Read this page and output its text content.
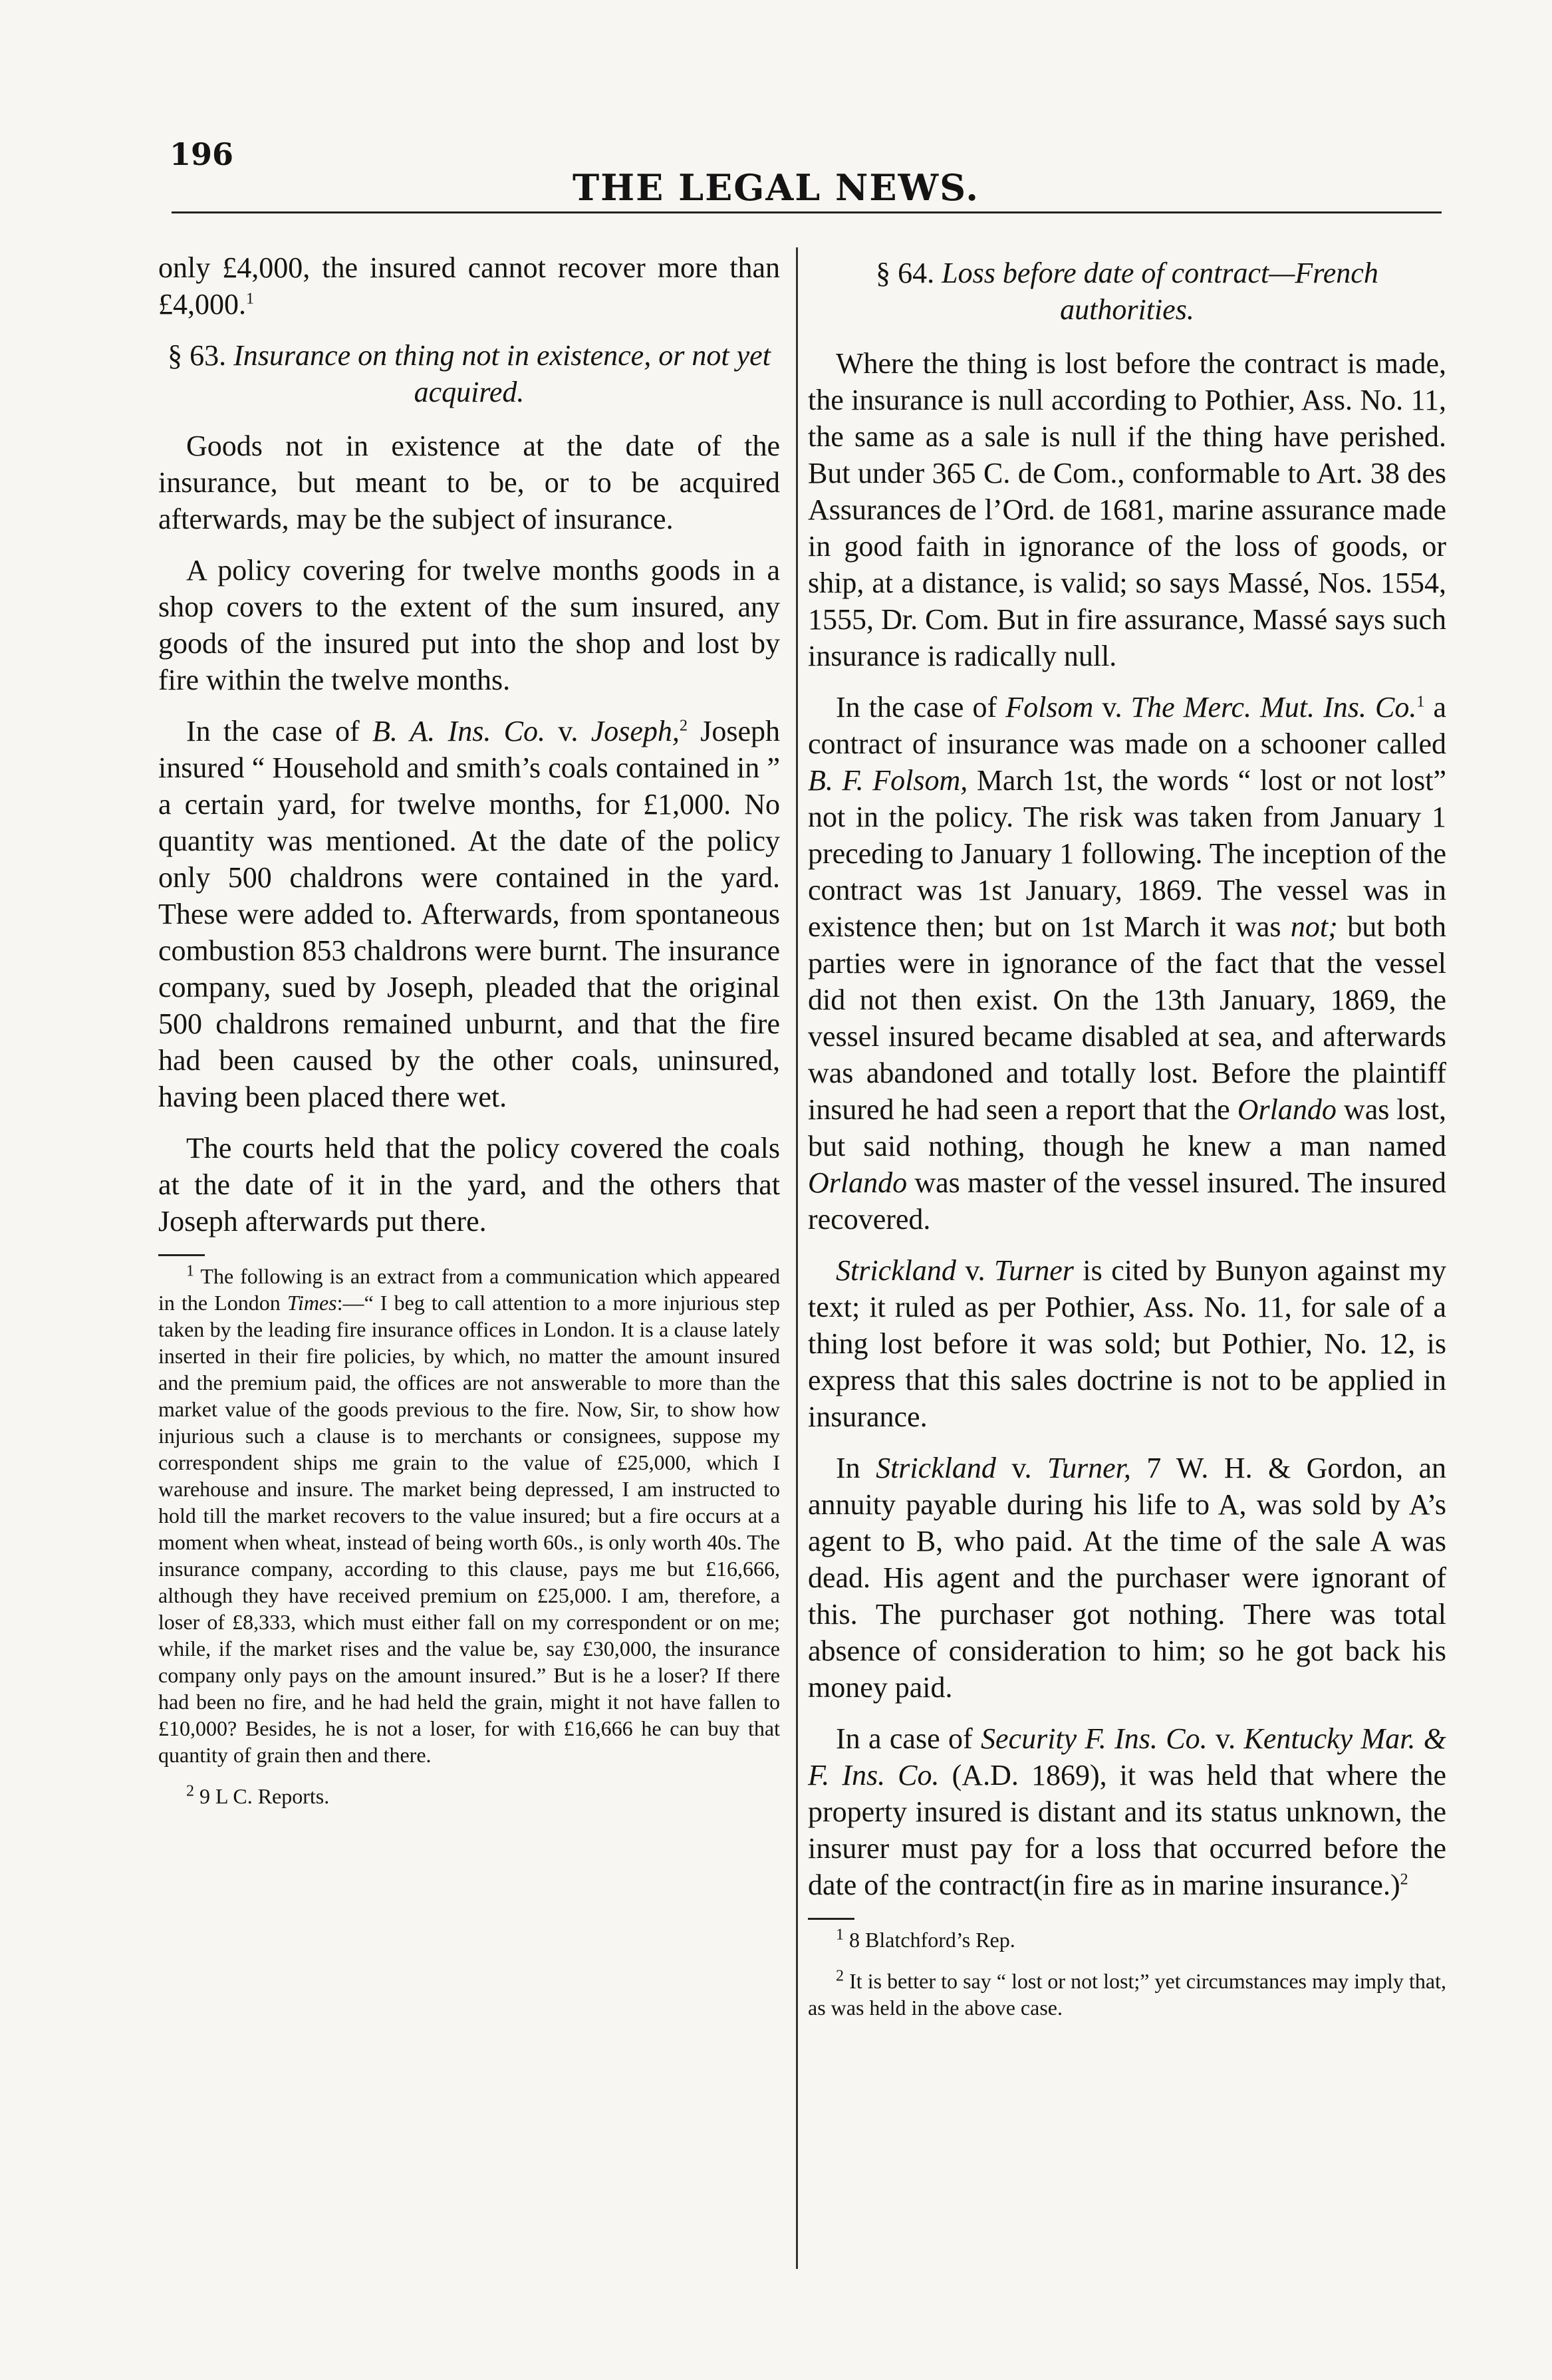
196
THE LEGAL NEWS.

only £4,000, the insured cannot recover more than £4,000.$^1$

§ 63. Insurance on thing not in existence, or not yet acquired.

Goods not in existence at the date of the insurance, but meant to be, or to be acquired afterwards, may be the subject of insurance.

A policy covering for twelve months goods in a shop covers to the extent of the sum insured, any goods of the insured put into the shop and lost by fire within the twelve months.

In the case of B. A. Ins. Co. v. Joseph,$^2$ Joseph insured “ Household and smith’s coals contained in ” a certain yard, for twelve months, for £1,000. No quantity was mentioned. At the date of the policy only 500 chaldrons were contained in the yard. These were added to. Afterwards, from spontaneous combustion 853 chaldrons were burnt. The insurance company, sued by Joseph, pleaded that the original 500 chaldrons remained unburnt, and that the fire had been caused by the other coals, uninsured, having been placed there wet.

The courts held that the policy covered the coals at the date of it in the yard, and the others that Joseph afterwards put there.

$^1$ The following is an extract from a communication which appeared in the London Times:—“ I beg to call attention to a more injurious step taken by the leading fire insurance offices in London. It is a clause lately inserted in their fire policies, by which, no matter the amount insured and the premium paid, the offices are not answerable to more than the market value of the goods previous to the fire. Now, Sir, to show how injurious such a clause is to merchants or consignees, suppose my correspondent ships me grain to the value of £25,000, which I warehouse and insure. The market being depressed, I am instructed to hold till the market recovers to the value insured; but a fire occurs at a moment when wheat, instead of being worth 60s., is only worth 40s. The insurance company, according to this clause, pays me but £16,666, although they have received premium on £25,000. I am, therefore, a loser of £8,333, which must either fall on my correspondent or on me; while, if the market rises and the value be, say £30,000, the insurance company only pays on the amount insured.” But is he a loser? If there had been no fire, and he had held the grain, might it not have fallen to £10,000? Besides, he is not a loser, for with £16,666 he can buy that quantity of grain then and there.

$^2$ 9 L C. Reports.

§ 64. Loss before date of contract—French authorities.

Where the thing is lost before the contract is made, the insurance is null according to Pothier, Ass. No. 11, the same as a sale is null if the thing have perished. But under 365 C. de Com., conformable to Art. 38 des Assurances de l’Ord. de 1681, marine assurance made in good faith in ignorance of the loss of goods, or ship, at a distance, is valid; so says Massé, Nos. 1554, 1555, Dr. Com. But in fire assurance, Massé says such insurance is radically null.

In the case of Folsom v. The Merc. Mut. Ins. Co.$^1$ a contract of insurance was made on a schooner called B. F. Folsom, March 1st, the words “ lost or not lost” not in the policy. The risk was taken from January 1 preceding to January 1 following. The inception of the contract was 1st January, 1869. The vessel was in existence then; but on 1st March it was not; but both parties were in ignorance of the fact that the vessel did not then exist. On the 13th January, 1869, the vessel insured became disabled at sea, and afterwards was abandoned and totally lost. Before the plaintiff insured he had seen a report that the Orlando was lost, but said nothing, though he knew a man named Orlando was master of the vessel insured. The insured recovered.

Strickland v. Turner is cited by Bunyon against my text; it ruled as per Pothier, Ass. No. 11, for sale of a thing lost before it was sold; but Pothier, No. 12, is express that this sales doctrine is not to be applied in insurance.

In Strickland v. Turner, 7 W. H. & Gordon, an annuity payable during his life to A, was sold by A’s agent to B, who paid. At the time of the sale A was dead. His agent and the purchaser were ignorant of this. The purchaser got nothing. There was total absence of consideration to him; so he got back his money paid.

In a case of Security F. Ins. Co. v. Kentucky Mar. & F. Ins. Co. (A.D. 1869), it was held that where the property insured is distant and its status unknown, the insurer must pay for a loss that occurred before the date of the contract(in fire as in marine insurance.)$^2$

$^1$ 8 Blatchford’s Rep.

$^2$ It is better to say “ lost or not lost;” yet circumstances may imply that, as was held in the above case.
